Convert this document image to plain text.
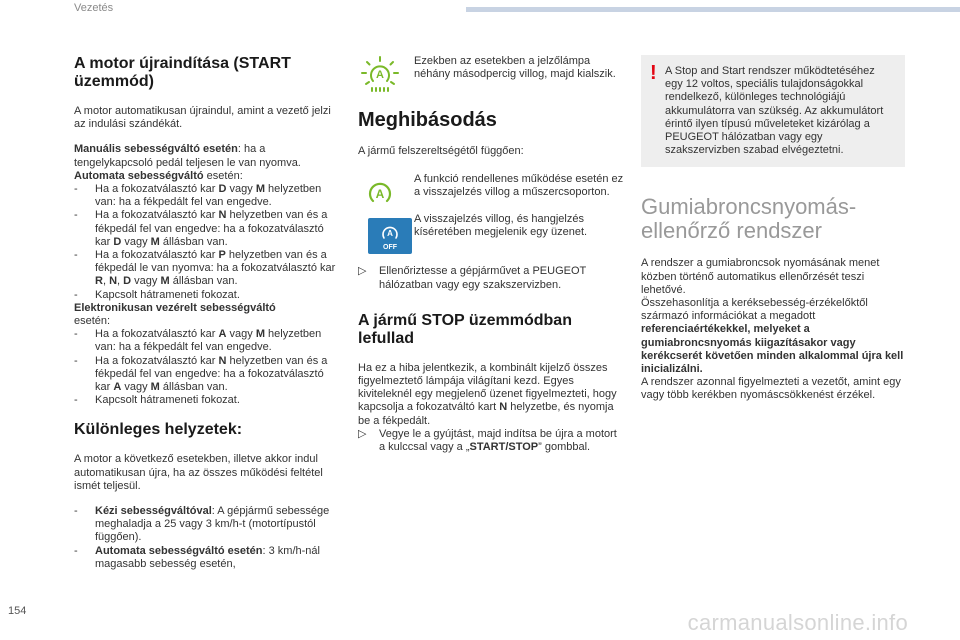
Vezetés
A motor újraindítása (START üzemmód)

A motor automatikusan újraindul, amint a vezető jelzi az indulási szándékát.

Manuális sebességváltó esetén: ha a tengelykapcsoló pedál teljesen le van nyomva.

Automata sebességváltó esetén:

- Ha a fokozatválasztó kar D vagy M helyzetben van: ha a fékpedált fel van engedve.
- Ha a fokozatválasztó kar N helyzetben van és a fékpedál fel van engedve: ha a fokozatválasztó kar D vagy M állásban van.
- Ha a fokozatválasztó kar P helyzetben van és a fékpedál le van nyomva: ha a fokozatválasztó kar R, N, D vagy M állásban van.
- Kapcsolt hátrameneti fokozat.

Elektronikusan vezérelt sebességváltó
esetén:

- Ha a fokozatválasztó kar A vagy M helyzetben van: ha a fékpedált fel van engedve.
- Ha a fokozatválasztó kar N helyzetben van és a fékpedál fel van engedve: ha a fokozatválasztó kar A vagy M állásban van.
- Kapcsolt hátrameneti fokozat.
Különleges helyzetek:

A motor a következő esetekben, illetve akkor indul automatikusan újra, ha az összes működési feltétel ismét teljesül.

- Kézi sebességváltóval: A gépjármű sebessége meghaladja a 25 vagy 3 km/h-t (motortípustól függően).
- Automata sebességváltó esetén: 3 km/h-nál magasabb sebesség esetén,
A

Ezekben az esetekben a jelzőlámpa néhány másodpercig villog, majd kialszik.

Meghibásodás

A jármű felszereltségétől függően:

A

A funkció rendellenes működése esetén ez a visszajelzés villog a műszercsoporton.

A
OFF

A visszajelzés villog, és hangjelzés kíséretében megjelenik egy üzenet.

▷ Ellenőriztesse a gépjárművet a PEUGEOT hálózatban vagy egy szakszervizben.
A jármű STOP üzemmódban lefullad

Ha ez a hiba jelentkezik, a kombinált kijelző összes figyelmeztető lámpája világítani kezd. Egyes kiviteleknél egy megjelenő üzenet figyelmezteti, hogy kapcsolja a fokozatváltó kart N helyzetbe, és nyomja be a fékpedált.

▷ Vegye le a gyújtást, majd indítsa be újra a motort a kulccsal vagy a „START/STOP” gombbal.
! A Stop and Start rendszer működtetéséhez egy 12 voltos, speciális tulajdonságokkal rendelkező, különleges technológiájú akkumulátorra van szükség. Az akkumulátort érintő ilyen típusú műveleteket kizárólag a PEUGEOT hálózatban vagy egy szakszervizben szabad elvégeztetni.

Gumiabroncsnyomás-ellenőrző rendszer

A rendszer a gumiabroncsok nyomásának menet közben történő automatikus ellenőrzését teszi lehetővé.

Összehasonlítja a keréksebesség-érzékelőktől származó információkat a megadott referenciaértékekkel, melyeket a gumiabroncsnyomás kiigazításakor vagy kerékcserét követően minden alkalommal újra kell inicializálni.

A rendszer azonnal figyelmezteti a vezetőt, amint egy vagy több kerékben nyomáscsökkenést érzékel.

154	carmanualsonline.info
